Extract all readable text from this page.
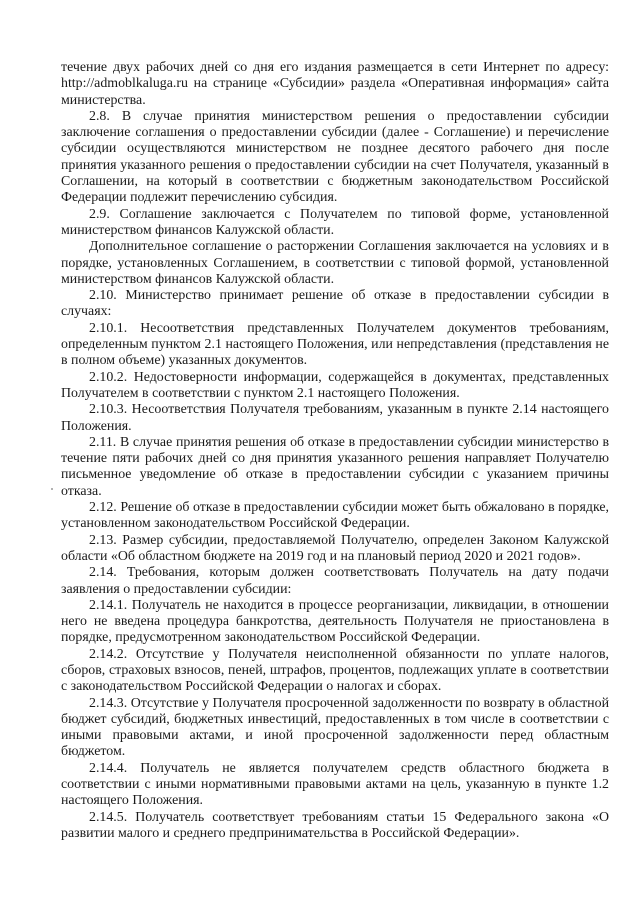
течение двух рабочих дней со дня его издания размещается в сети Интернет по адресу: http://admoblkaluga.ru на странице «Субсидии» раздела «Оперативная информация» сайта министерства.

2.8. В случае принятия министерством решения о предоставлении субсидии заключение соглашения о предоставлении субсидии (далее - Соглашение) и перечисление субсидии осуществляются министерством не позднее десятого рабочего дня после принятия указанного решения о предоставлении субсидии на счет Получателя, указанный в Соглашении, на который в соответствии с бюджетным законодательством Российской Федерации подлежит перечислению субсидия.

2.9. Соглашение заключается с Получателем по типовой форме, установленной министерством финансов Калужской области.

Дополнительное соглашение о расторжении Соглашения заключается на условиях и в порядке, установленных Соглашением, в соответствии с типовой формой, установленной министерством финансов Калужской области.

2.10. Министерство принимает решение об отказе в предоставлении субсидии в случаях:

2.10.1. Несоответствия представленных Получателем документов требованиям, определенным пунктом 2.1 настоящего Положения, или непредставления (представления не в полном объеме) указанных документов.

2.10.2. Недостоверности информации, содержащейся в документах, представленных Получателем в соответствии с пунктом 2.1 настоящего Положения.

2.10.3. Несоответствия Получателя требованиям, указанным в пункте 2.14 настоящего Положения.

2.11. В случае принятия решения об отказе в предоставлении субсидии министерство в течение пяти рабочих дней со дня принятия указанного решения направляет Получателю письменное уведомление об отказе в предоставлении субсидии с указанием причины отказа.

2.12. Решение об отказе в предоставлении субсидии может быть обжаловано в порядке, установленном законодательством Российской Федерации.

2.13. Размер субсидии, предоставляемой Получателю, определен Законом Калужской области «Об областном бюджете на 2019 год и на плановый период 2020 и 2021 годов».

2.14. Требования, которым должен соответствовать Получатель на дату подачи заявления о предоставлении субсидии:

2.14.1. Получатель не находится в процессе реорганизации, ликвидации, в отношении него не введена процедура банкротства, деятельность Получателя не приостановлена в порядке, предусмотренном законодательством Российской Федерации.

2.14.2. Отсутствие у Получателя неисполненной обязанности по уплате налогов, сборов, страховых взносов, пеней, штрафов, процентов, подлежащих уплате в соответствии с законодательством Российской Федерации о налогах и сборах.

2.14.3. Отсутствие у Получателя просроченной задолженности по возврату в областной бюджет субсидий, бюджетных инвестиций, предоставленных в том числе в соответствии с иными правовыми актами, и иной просроченной задолженности перед областным бюджетом.

2.14.4. Получатель не является получателем средств областного бюджета в соответствии с иными нормативными правовыми актами на цель, указанную в пункте 1.2 настоящего Положения.

2.14.5. Получатель соответствует требованиям статьи 15 Федерального закона «О развитии малого и среднего предпринимательства в Российской Федерации».
